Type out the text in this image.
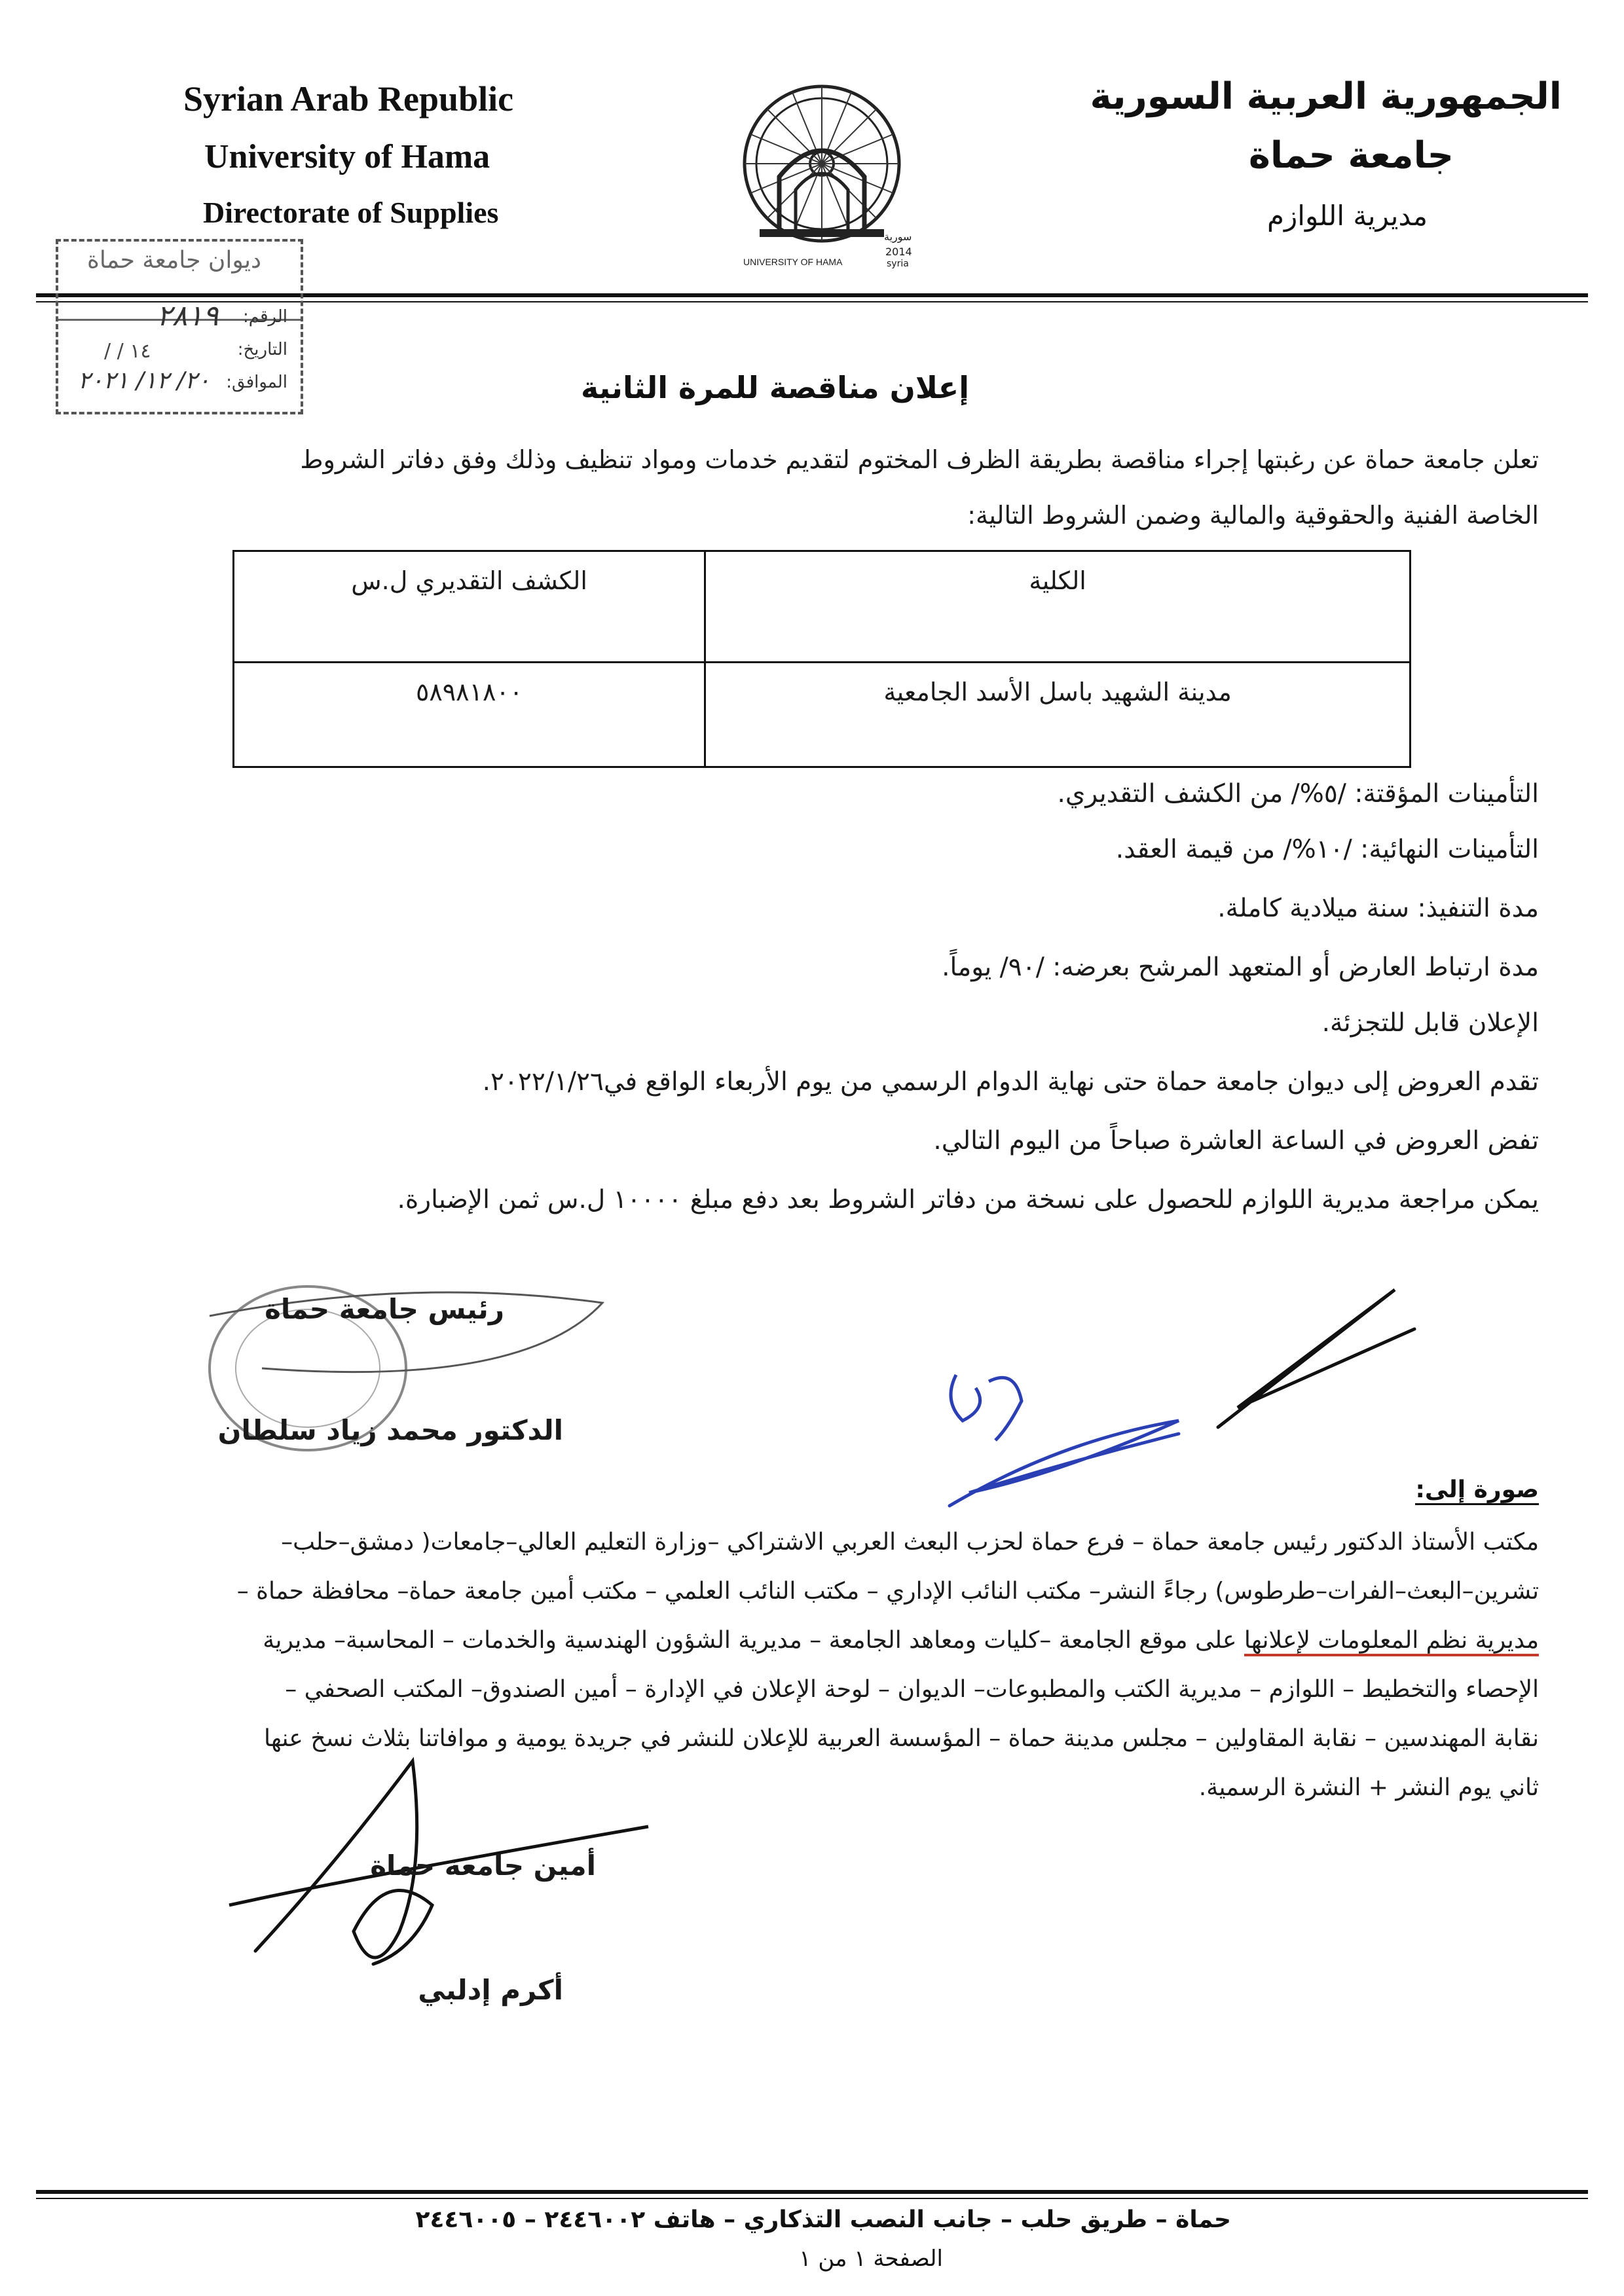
Syrian Arab Republic
University of Hama
Directorate of Supplies
الجمهورية العربية السورية
جامعة حماة
مديرية اللوازم
UNIVERSITY OF HAMA
سورية
2014
syria
ديوان جامعة حماة
الرقم:
٢٨١٩
التاريخ:
/ / ١٤
الموافق:
٢٠/ ١٢/ ٢٠٢١	إعلان مناقصة للمرة الثانية
تعلن جامعة حماة عن رغبتها إجراء مناقصة بطريقة الظرف المختوم لتقديم خدمات ومواد تنظيف وذلك وفق دفاتر الشروط
الخاصة الفنية والحقوقية والمالية وضمن الشروط التالية:
الكلية	الكشف التقديري ل.س
مدينة الشهيد باسل الأسد الجامعية	٥٨٩٨١٨٠٠
التأمينات المؤقتة: /٥%/ من الكشف التقديري.
التأمينات النهائية: /١٠%/ من قيمة العقد.
مدة التنفيذ: سنة ميلادية كاملة.
مدة ارتباط العارض أو المتعهد المرشح بعرضه: /٩٠/ يوماً.
الإعلان قابل للتجزئة.
تقدم العروض إلى ديوان جامعة حماة حتى نهاية الدوام الرسمي من يوم الأربعاء الواقع في٢٠٢٢/١/٢٦.
تفض العروض في الساعة العاشرة صباحاً من اليوم التالي.
يمكن مراجعة مديرية اللوازم للحصول على نسخة من دفاتر الشروط بعد دفع مبلغ ١٠٠٠٠ ل.س ثمن الإضبارة.
رئيس جامعة حماة
الدكتور محمد زياد سلطان
صورة إلى:
مكتب الأستاذ الدكتور رئيس جامعة حماة – فرع حماة لحزب البعث العربي الاشتراكي –وزارة التعليم العالي–جامعات( دمشق–حلب–
تشرين–البعث–الفرات–طرطوس) رجاءً النشر– مكتب النائب الإداري – مكتب النائب العلمي – مكتب أمين جامعة حماة– محافظة حماة –
مديرية نظم المعلومات لإعلانها على موقع الجامعة –كليات ومعاهد الجامعة – مديرية الشؤون الهندسية والخدمات – المحاسبة– مديرية
الإحصاء والتخطيط – اللوازم – مديرية الكتب والمطبوعات– الديوان – لوحة الإعلان في الإدارة – أمين الصندوق– المكتب الصحفي –
نقابة المهندسين – نقابة المقاولين – مجلس مدينة حماة – المؤسسة العربية للإعلان للنشر في جريدة يومية و موافاتنا بثلاث نسخ عنها
ثاني يوم النشر + النشرة الرسمية.
أمين جامعة حماة
أكرم إدلبي
حماة – طريق حلب – جانب النصب التذكاري – هاتف ٢٤٤٦٠٠٢ – ٢٤٤٦٠٠٥
الصفحة ١ من ١
